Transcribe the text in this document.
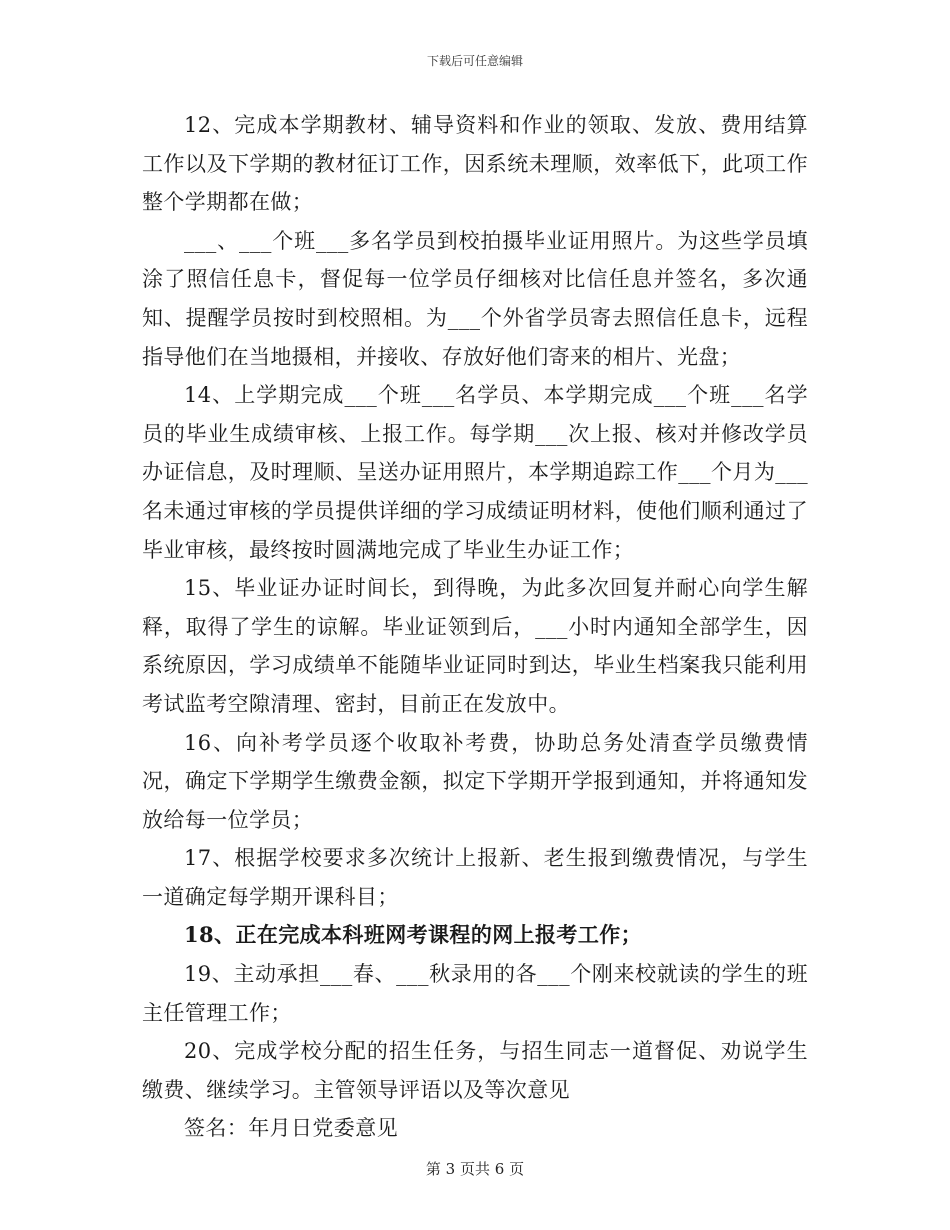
下载后可任意编辑

12、完成本学期教材、辅导资料和作业的领取、发放、费用结算工作以及下学期的教材征订工作，因系统未理顺，效率低下，此项工作整个学期都在做；

___、___个班___多名学员到校拍摄毕业证用照片。为这些学员填涂了照信任息卡，督促每一位学员仔细核对比信任息并签名，多次通知、提醒学员按时到校照相。为___个外省学员寄去照信任息卡，远程指导他们在当地摄相，并接收、存放好他们寄来的相片、光盘；

14、上学期完成___个班___名学员、本学期完成___个班___名学员的毕业生成绩审核、上报工作。每学期___次上报、核对并修改学员办证信息，及时理顺、呈送办证用照片，本学期追踪工作___个月为___名未通过审核的学员提供详细的学习成绩证明材料，使他们顺利通过了毕业审核，最终按时圆满地完成了毕业生办证工作；

15、毕业证办证时间长，到得晚，为此多次回复并耐心向学生解释，取得了学生的谅解。毕业证领到后，___小时内通知全部学生，因系统原因，学习成绩单不能随毕业证同时到达，毕业生档案我只能利用考试监考空隙清理、密封，目前正在发放中。

16、向补考学员逐个收取补考费，协助总务处清查学员缴费情况，确定下学期学生缴费金额，拟定下学期开学报到通知，并将通知发放给每一位学员；

17、根据学校要求多次统计上报新、老生报到缴费情况，与学生一道确定每学期开课科目；

18、正在完成本科班网考课程的网上报考工作；

19、主动承担___春、___秋录用的各___个刚来校就读的学生的班主任管理工作；

20、完成学校分配的招生任务，与招生同志一道督促、劝说学生缴费、继续学习。主管领导评语以及等次意见

签名：年月日党委意见

第 3 页共 6 页
